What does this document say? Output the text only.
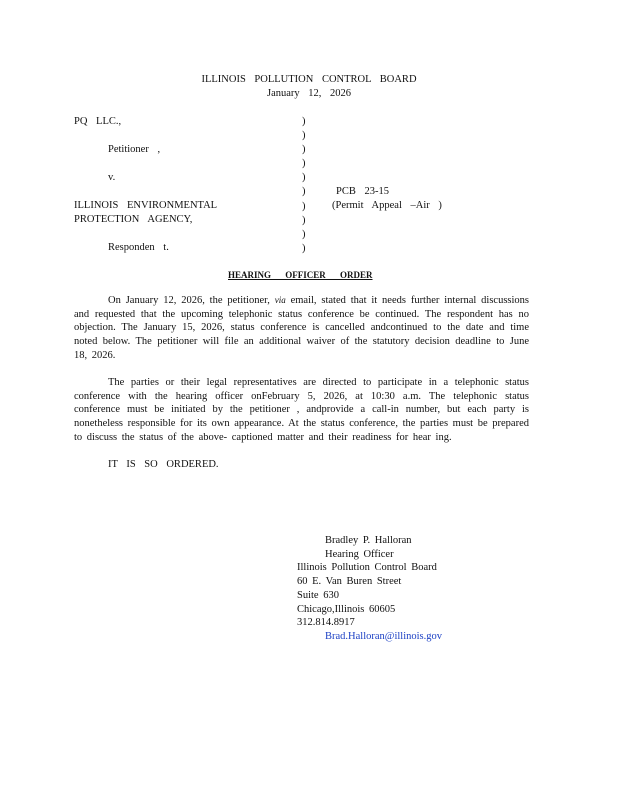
ILLINOIS POLLUTION CONTROL BOARD
January 12, 2026
PQ LLC.,
Petitioner ,
v.
ILLINOIS ENVIRONMENTAL
PROTECTION AGENCY,
Responden t.
)
)
)
)
)
)
)
)
)
)
PCB 23-15
(Permit Appeal –Air )
HEARING OFFICER ORDER
On January 12, 2026, the petitioner, via email, stated that it needs further internal discussions and requested that the upcoming telephonic status conference be continued. The respondent has no objection. The January 15, 2026, status conference is cancelled andcontinued to the date and time noted below. The petitioner will file an additional waiver of the statutory decision deadline to June 18, 2026.
The parties or their legal representatives are directed to participate in a telephonic status conference with the hearing officer onFebruary 5, 2026, at 10:30 a.m. The telephonic status conference must be initiated by the petitioner , andprovide a call-in number, but each party is nonetheless responsible for its own appearance. At the status conference, the parties must be prepared to discuss the status of the above- captioned matter and their readiness for hear ing.
IT IS SO ORDERED.
Bradley P. Halloran
Hearing Officer
Illinois Pollution Control Board
60 E. Van Buren Street
Suite 630
Chicago,Illinois 60605
312.814.8917
Brad.Halloran@illinois.gov
